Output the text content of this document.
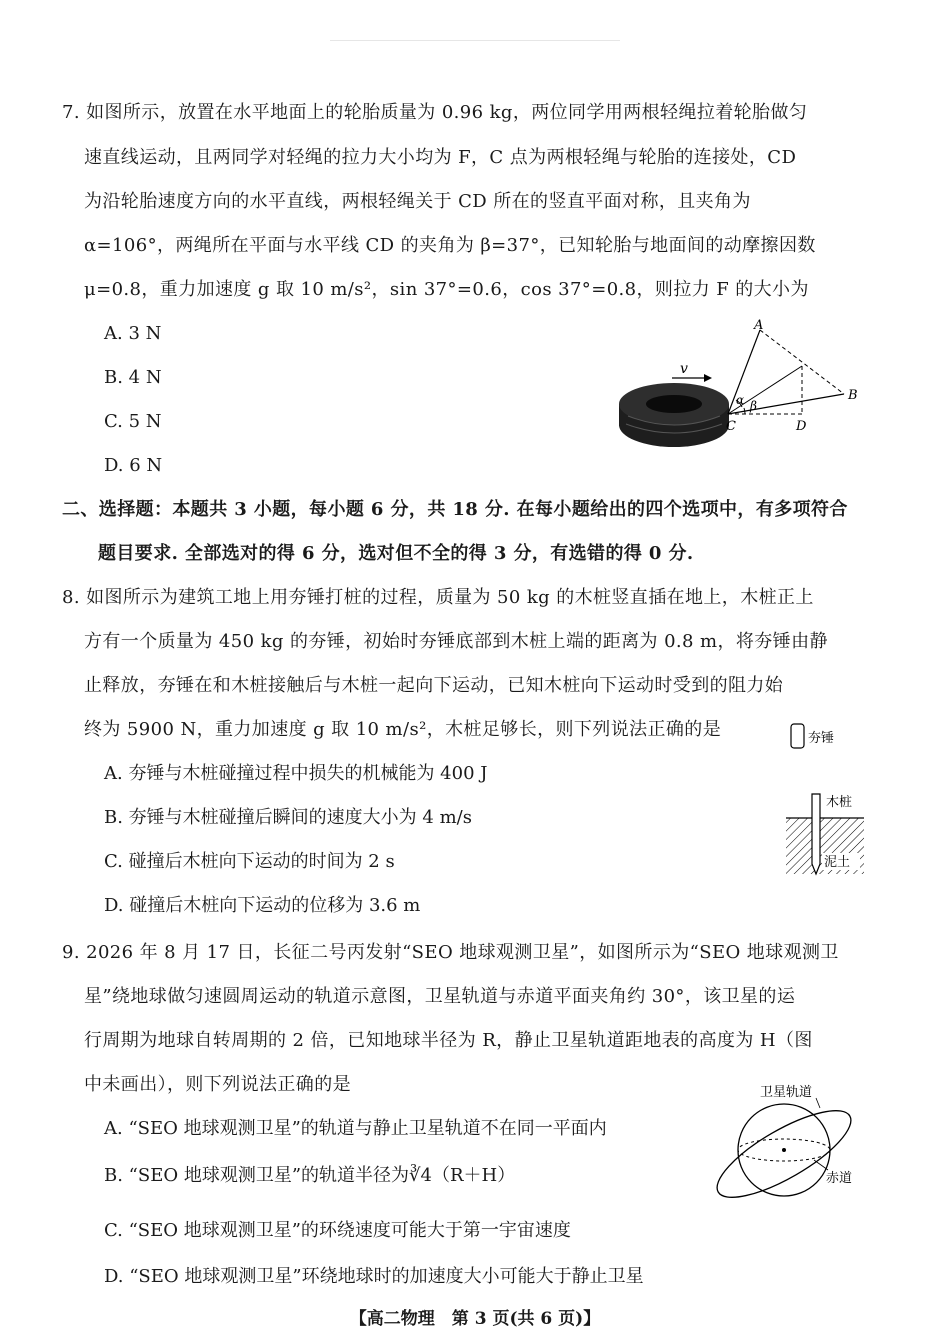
7. 如图所示，放置在水平地面上的轮胎质量为 0.96 kg，两位同学用两根轻绳拉着轮胎做匀
速直线运动，且两同学对轻绳的拉力大小均为 F，C 点为两根轻绳与轮胎的连接处，CD
为沿轮胎速度方向的水平直线，两根轻绳关于 CD 所在的竖直平面对称，且夹角为
α=106°，两绳所在平面与水平线 CD 的夹角为 β=37°，已知轮胎与地面间的动摩擦因数
μ=0.8，重力加速度 g 取 10 m/s²，sin 37°=0.6，cos 37°=0.8，则拉力 F 的大小为
A. 3 N
B. 4 N
C. 5 N
D. 6 N
v
α β
A
B
C	D
二、选择题：本题共 3 小题，每小题 6 分，共 18 分. 在每小题给出的四个选项中，有多项符合
题目要求. 全部选对的得 6 分，选对但不全的得 3 分，有选错的得 0 分.
8. 如图所示为建筑工地上用夯锤打桩的过程，质量为 50 kg 的木桩竖直插在地上，木桩正上
方有一个质量为 450 kg 的夯锤，初始时夯锤底部到木桩上端的距离为 0.8 m，将夯锤由静
止释放，夯锤在和木桩接触后与木桩一起向下运动，已知木桩向下运动时受到的阻力始
终为 5900 N，重力加速度 g 取 10 m/s²，木桩足够长，则下列说法正确的是
A. 夯锤与木桩碰撞过程中损失的机械能为 400 J
B. 夯锤与木桩碰撞后瞬间的速度大小为 4 m/s
C. 碰撞后木桩向下运动的时间为 2 s
D. 碰撞后木桩向下运动的位移为 3.6 m
夯锤
木桩
泥土
9. 2026 年 8 月 17 日，长征二号丙发射“SEO 地球观测卫星”，如图所示为“SEO 地球观测卫
星”绕地球做匀速圆周运动的轨道示意图，卫星轨道与赤道平面夹角约 30°，该卫星的运
行周期为地球自转周期的 2 倍，已知地球半径为 R，静止卫星轨道距地表的高度为 H（图
中未画出），则下列说法正确的是
A. “SEO 地球观测卫星”的轨道与静止卫星轨道不在同一平面内
B. “SEO 地球观测卫星”的轨道半径为∛4（R＋H）
C. “SEO 地球观测卫星”的环绕速度可能大于第一宇宙速度
D. “SEO 地球观测卫星”环绕地球时的加速度大小可能大于静止卫星
卫星轨道
赤道
【高二物理　第 3 页(共 6 页)】
